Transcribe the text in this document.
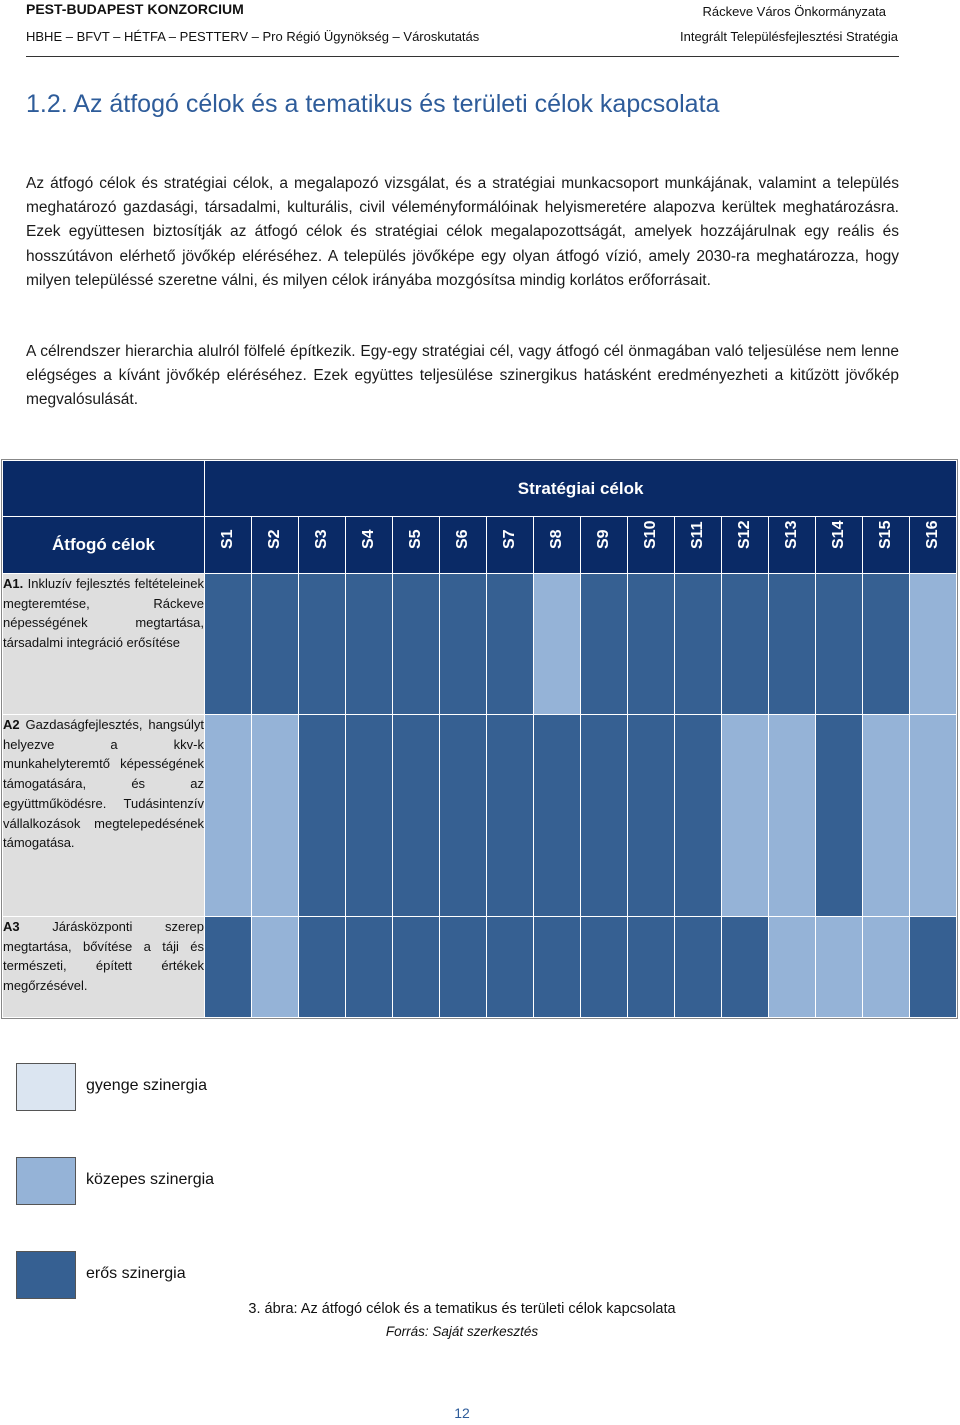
PEST-BUDAPEST KONZORCIUM
HBHE – BFVT – HÉTFA – PESTTERV – Pro Régió Ügynökség – Városkutatás
Ráckeve Város Önkormányzata
Integrált Településfejlesztési Stratégia
1.2. Az átfogó célok és a tematikus és területi célok kapcsolata
Az átfogó célok és stratégiai célok, a megalapozó vizsgálat, és a stratégiai munkacsoport munkájának, valamint a település meghatározó gazdasági, társadalmi, kulturális, civil véleményformálóinak helyismeretére alapozva kerültek meghatározásra. Ezek együttesen biztosítják az átfogó célok és stratégiai célok megalapozottságát, amelyek hozzájárulnak egy reális és hosszútávon elérhető jövőkép eléréséhez. A település jövőképe egy olyan átfogó vízió, amely 2030-ra meghatározza, hogy milyen településsé szeretne válni, és milyen célok irányába mozgósítsa mindig korlátos erőforrásait.
A célrendszer hierarchia alulról fölfelé építkezik. Egy-egy stratégiai cél, vagy átfogó cél önmagában való teljesülése nem lenne elégséges a kívánt jövőkép eléréséhez. Ezek együttes teljesülése szinergikus hatásként eredményezheti a kitűzött jövőkép megvalósulását.
	Stratégiai célok															
Átfogó célok	S1	S2	S3	S4	S5	S6	S7	S8	S9	S10	S11	S12	S13	S14	S15	S16

A1. Inkluzív fejlesztés feltételeinek megteremtése, Ráckeve népességének megtartása, társadalmi integráció erősítése																
A2 Gazdaságfejlesztés, hangsúlyt helyezve a kkv-k munkahelyteremtő képességének támogatására, és az együttműködésre. Tudásintenzív vállalkozások megtelepedésének támogatása.																
A3 Járásközponti szerep megtartása, bővítése a táji és természeti, épített értékek megőrzésével.																
gyenge szinergia
közepes szinergia
erős szinergia
3. ábra: Az átfogó célok és a tematikus és területi célok kapcsolata
Forrás: Saját szerkesztés
12
